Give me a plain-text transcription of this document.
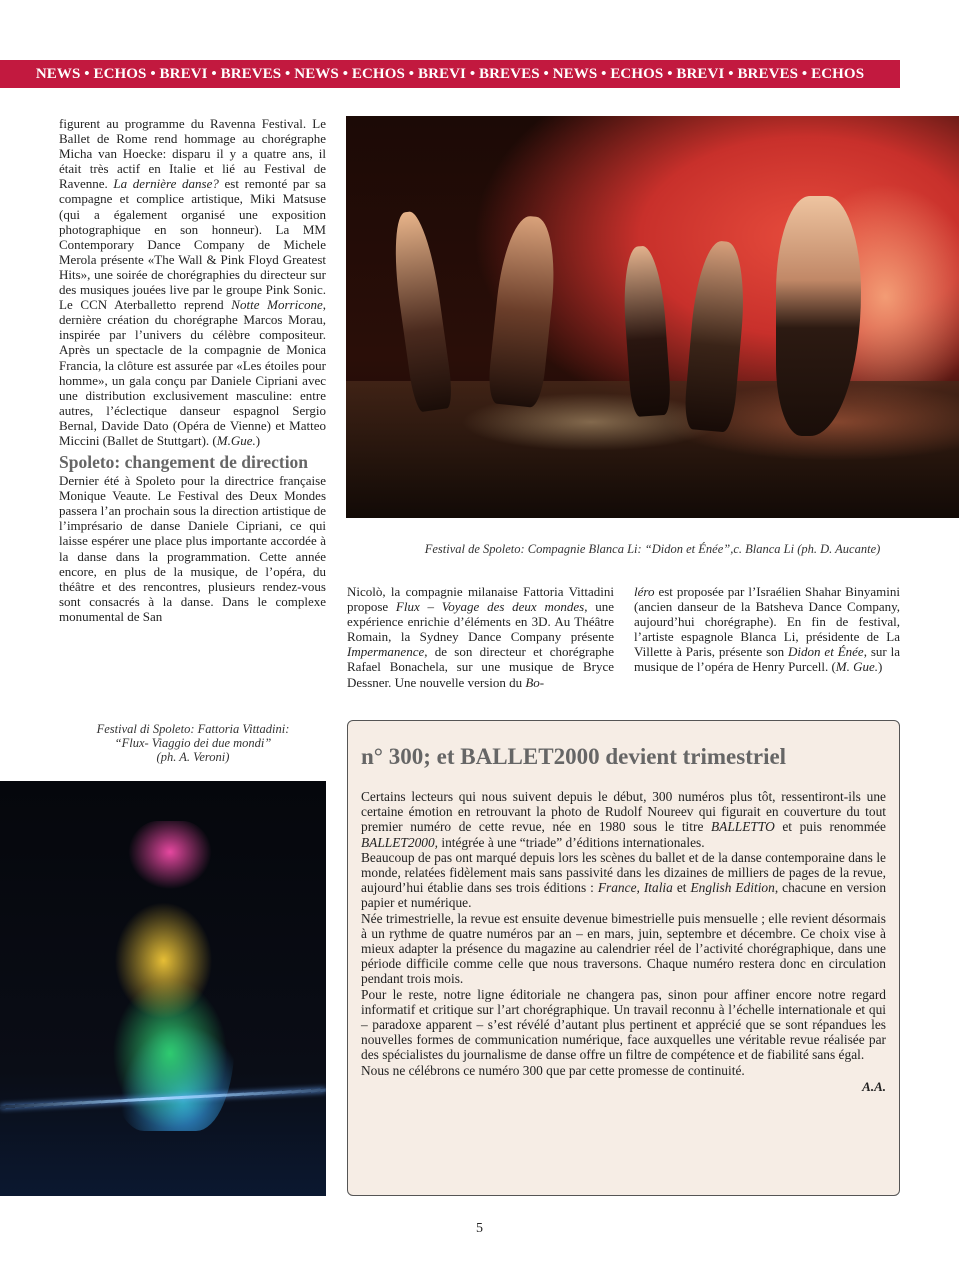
NEWS • ECHOS • BREVI • BREVES • NEWS • ECHOS • BREVI • BREVES • NEWS • ECHOS • BREVI • BREVES • ECHOS

figurent au programme du Ravenna Festival. Le Ballet de Rome rend hommage au chorégraphe Micha van Hoecke: disparu il y a quatre ans, il était très actif en Italie et lié au Festival de Ravenne. La dernière danse? est remonté par sa compagne et complice artistique, Miki Matsuse (qui a également organisé une exposition photographique en son honneur). La MM Contemporary Dance Company de Michele Merola présente «The Wall & Pink Floyd Greatest Hits», une soirée de chorégraphies du directeur sur des musiques jouées live par le groupe Pink Sonic. Le CCN Aterballetto reprend Notte Morricone, dernière création du chorégraphe Marcos Morau, inspirée par l’univers du célèbre compositeur. Après un spectacle de la compagnie de Monica Francia, la clôture est assurée par «Les étoiles pour homme», un gala conçu par Daniele Cipriani avec une distribution exclusivement masculine: entre autres, l’éclectique danseur espagnol Sergio Bernal, Davide Dato (Opéra de Vienne) et Matteo Miccini (Ballet de Stuttgart). (M.Gue.)

Spoleto: changement de direction

Dernier été à Spoleto pour la directrice française Monique Veaute. Le Festival des Deux Mondes passera l’an prochain sous la direction artistique de l’imprésario de danse Daniele Cipriani, ce qui laisse espérer une place plus importante accordée à la danse dans la programmation. Cette année encore, en plus de la musique, de l’opéra, du théâtre et des rencontres, plusieurs rendez-vous sont consacrés à la danse. Dans le complexe monumental de San

Festival de Spoleto: Compagnie Blanca Li: “Didon et Énée”,c. Blanca Li (ph. D. Aucante)

Nicolò, la compagnie milanaise Fattoria Vittadini propose Flux – Voyage des deux mondes, une expérience enrichie d’éléments en 3D. Au Théâtre Romain, la Sydney Dance Company présente Impermanence, de son directeur et chorégraphe Rafael Bonachela, sur une musique de Bryce Dessner. Une nouvelle version du Bo-

léro est proposée par l’Israélien Shahar Binyamini (ancien danseur de la Batsheva Dance Company, aujourd’hui chorégraphe). En fin de festival, l’artiste espagnole Blanca Li, présidente de La Villette à Paris, présente son Didon et Énée, sur la musique de l’opéra de Henry Purcell. (M. Gue.)

Festival di Spoleto: Fattoria Vittadini:
“Flux- Viaggio dei due mondi”
(ph. A. Veroni)	n° 300; et BALLET2000 devient trimestriel

Certains lecteurs qui nous suivent depuis le début, 300 numéros plus tôt, ressentiront-ils une certaine émotion en retrouvant la photo de Rudolf Noureev qui figurait en couverture du tout premier numéro de cette revue, née en 1980 sous le titre BALLETTO et puis renommée BALLET2000, intégrée à une “triade” d’éditions internationales.

Beaucoup de pas ont marqué depuis lors les scènes du ballet et de la danse contemporaine dans le monde, relatées fidèlement mais sans passivité dans les dizaines de milliers de pages de la revue, aujourd’hui établie dans ses trois éditions : France, Italia et English Edition, chacune en version papier et numérique.

Née trimestrielle, la revue est ensuite devenue bimestrielle puis mensuelle ; elle revient désormais à un rythme de quatre numéros par an – en mars, juin, septembre et décembre. Ce choix vise à mieux adapter la présence du magazine au calendrier réel de l’activité chorégraphique, dans une période difficile comme celle que nous traversons. Chaque numéro restera donc en circulation pendant trois mois.

Pour le reste, notre ligne éditoriale ne changera pas, sinon pour affiner encore notre regard informatif et critique sur l’art chorégraphique. Un travail reconnu à l’échelle internationale et qui – paradoxe apparent – s’est révélé d’autant plus pertinent et apprécié que se sont répandues les nouvelles formes de communication numérique, face auxquelles une véritable revue réalisée par des spécialistes du journalisme de danse offre un filtre de compétence et de fiabilité sans égal.

Nous ne célébrons ce numéro 300 que par cette promesse de continuité.

A.A.
5
